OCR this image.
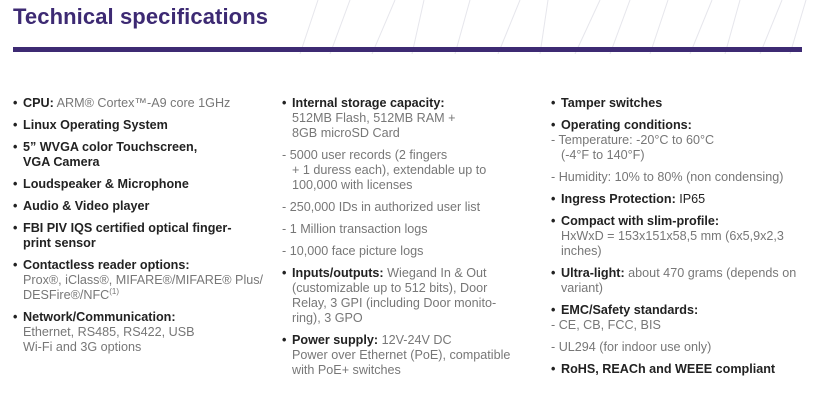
Technical specifications
• CPU: ARM® Cortex™-A9 core 1GHz
• Linux Operating System
• 5” WVGA color Touchscreen,
VGA Camera
• Loudspeaker & Microphone
• Audio & Video player
• FBI PIV IQS certified optical finger-
print sensor
• Contactless reader options:
Prox®, iClass®, MIFARE®/MIFARE® Plus/
DESFire®/NFC$^{(1)}$
• Network/Communication:
Ethernet, RS485, RS422, USB
Wi-Fi and 3G options
• Internal storage capacity:
512MB Flash, 512MB RAM +
8GB microSD Card
- 5000 user records (2 fingers
+ 1 duress each), extendable up to
100,000 with licenses
- 250,000 IDs in authorized user list
- 1 Million transaction logs
- 10,000 face picture logs
• Inputs/outputs: Wiegand In & Out
(customizable up to 512 bits), Door
Relay, 3 GPI (including Door monito-
ring), 3 GPO
• Power supply: 12V-24V DC
Power over Ethernet (PoE), compatible
with PoE+ switches
• Tamper switches
• Operating conditions:
- Temperature: -20°C to 60°C
(-4°F to 140°F)
- Humidity: 10% to 80% (non condensing)
• Ingress Protection: IP65
• Compact with slim-profile:
HxWxD = 153x151x58,5 mm (6x5,9x2,3
inches)
• Ultra-light: about 470 grams (depends on
variant)
• EMC/Safety standards:
- CE, CB, FCC, BIS
- UL294 (for indoor use only)
• RoHS, REACh and WEEE compliant
